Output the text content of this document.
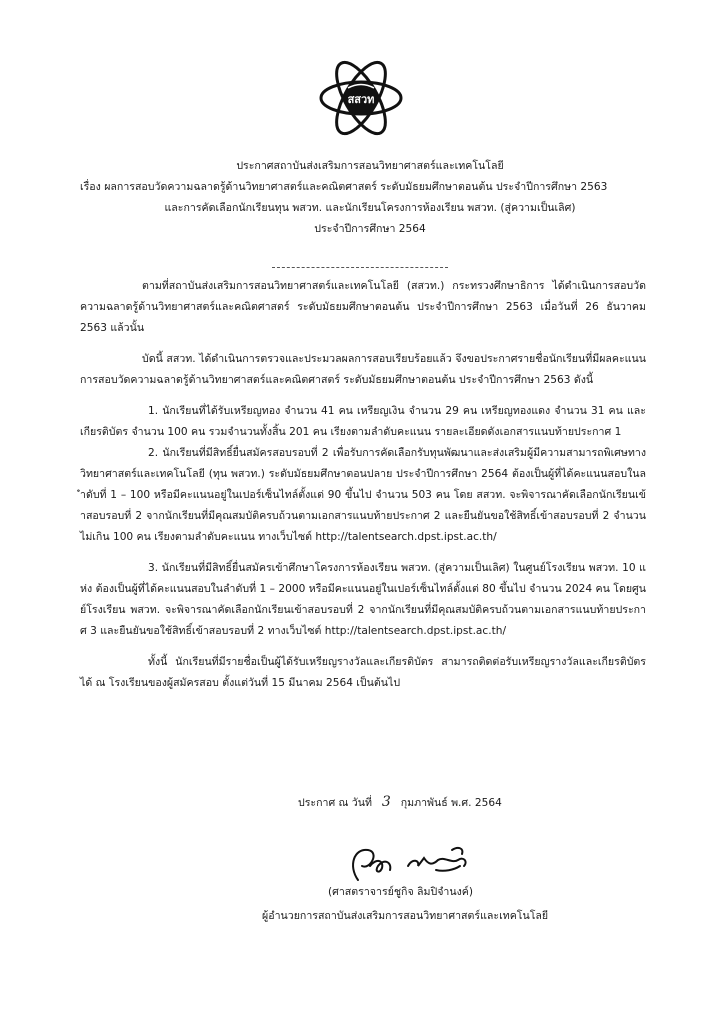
สสวท

ประกาศสถาบันส่งเสริมการสอนวิทยาศาสตร์และเทคโนโลยี

เรื่อง ผลการสอบวัดความฉลาดรู้ด้านวิทยาศาสตร์และคณิตศาสตร์ ระดับมัธยมศึกษาตอนต้น ประจำปีการศึกษา 2563

และการคัดเลือกนักเรียนทุน พสวท. และนักเรียนโครงการห้องเรียน พสวท. (สู่ความเป็นเลิศ)

ประจำปีการศึกษา 2564

ตามที่สถาบันส่งเสริมการสอนวิทยาศาสตร์และเทคโนโลยี (สสวท.) กระทรวงศึกษาธิการ ได้ดำเนินการสอบวัดความฉลาดรู้ด้านวิทยาศาสตร์และคณิตศาสตร์ ระดับมัธยมศึกษาตอนต้น ประจำปีการศึกษา 2563 เมื่อวันที่ 26 ธันวาคม 2563 แล้วนั้น

บัดนี้ สสวท. ได้ดำเนินการตรวจและประมวลผลการสอบเรียบร้อยแล้ว จึงขอประกาศรายชื่อนักเรียนที่มีผลคะแนนการสอบวัดความฉลาดรู้ด้านวิทยาศาสตร์และคณิตศาสตร์ ระดับมัธยมศึกษาตอนต้น ประจำปีการศึกษา 2563 ดังนี้

1. นักเรียนที่ได้รับเหรียญทอง จำนวน 41 คน เหรียญเงิน จำนวน 29 คน เหรียญทองแดง จำนวน 31 คน และเกียรติบัตร จำนวน 100 คน รวมจำนวนทั้งสิ้น 201 คน เรียงตามลำดับคะแนน รายละเอียดดังเอกสารแนบท้ายประกาศ 1

2. นักเรียนที่มีสิทธิ์ยื่นสมัครสอบรอบที่ 2 เพื่อรับการคัดเลือกรับทุนพัฒนาและส่งเสริมผู้มีความสามารถพิเศษทางวิทยาศาสตร์และเทคโนโลยี (ทุน พสวท.) ระดับมัธยมศึกษาตอนปลาย ประจำปีการศึกษา 2564 ต้องเป็นผู้ที่ได้คะแนนสอบในลำดับที่ 1 – 100 หรือมีคะแนนอยู่ในเปอร์เซ็นไทล์ตั้งแต่ 90 ขึ้นไป จำนวน 503 คน โดย สสวท. จะพิจารณาคัดเลือกนักเรียนเข้าสอบรอบที่ 2 จากนักเรียนที่มีคุณสมบัติครบถ้วนตามเอกสารแนบท้ายประกาศ 2 และยืนยันขอใช้สิทธิ์เข้าสอบรอบที่ 2 จำนวนไม่เกิน 100 คน เรียงตามลำดับคะแนน ทางเว็บไซต์ http://talentsearch.dpst.ipst.ac.th/

3. นักเรียนที่มีสิทธิ์ยื่นสมัครเข้าศึกษาโครงการห้องเรียน พสวท. (สู่ความเป็นเลิศ) ในศูนย์โรงเรียน พสวท. 10 แห่ง ต้องเป็นผู้ที่ได้คะแนนสอบในลำดับที่ 1 – 2000 หรือมีคะแนนอยู่ในเปอร์เซ็นไทล์ตั้งแต่ 80 ขึ้นไป จำนวน 2024 คน โดยศูนย์โรงเรียน พสวท. จะพิจารณาคัดเลือกนักเรียนเข้าสอบรอบที่ 2 จากนักเรียนที่มีคุณสมบัติครบถ้วนตามเอกสารแนบท้ายประกาศ 3 และยืนยันขอใช้สิทธิ์เข้าสอบรอบที่ 2 ทางเว็บไซต์ http://talentsearch.dpst.ipst.ac.th/

ทั้งนี้ นักเรียนที่มีรายชื่อเป็นผู้ได้รับเหรียญรางวัลและเกียรติบัตร สามารถติดต่อรับเหรียญรางวัลและเกียรติบัตรได้ ณ โรงเรียนของผู้สมัครสอบ ตั้งแต่วันที่ 15 มีนาคม 2564 เป็นต้นไป

ประกาศ ณ วันที่ 3 กุมภาพันธ์ พ.ศ. 2564
(ศาสตราจารย์ชูกิจ ลิมปิจำนงค์)
ผู้อำนวยการสถาบันส่งเสริมการสอนวิทยาศาสตร์และเทคโนโลยี
